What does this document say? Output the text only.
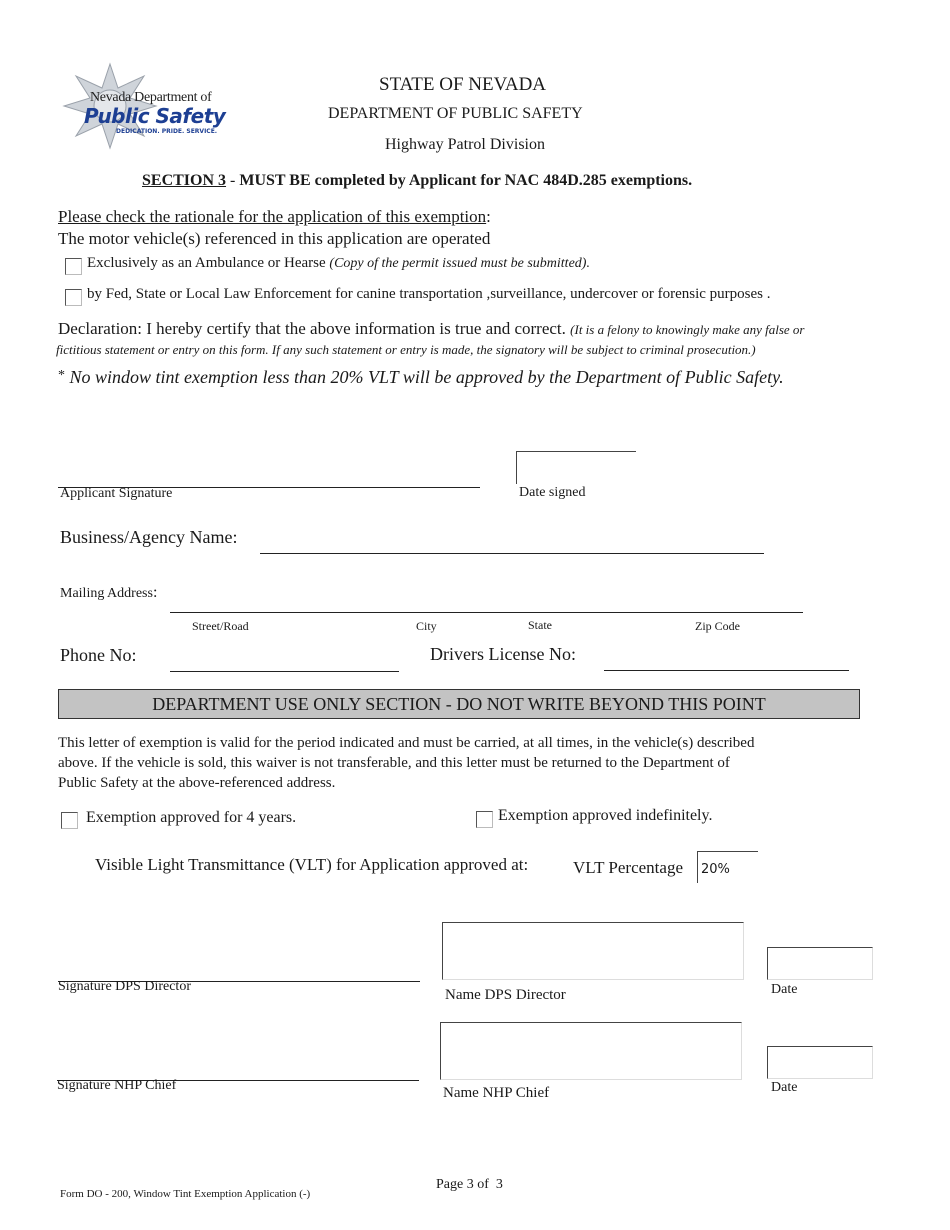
Nevada Department of
Public Safety
DEDICATION. PRIDE. SERVICE.
STATE OF NEVADA
DEPARTMENT OF PUBLIC SAFETY
Highway Patrol Division
SECTION 3 - MUST BE completed by Applicant for NAC 484D.285 exemptions.
Please check the rationale for the application of this exemption:
The motor vehicle(s) referenced in this application are operated
Exclusively as an Ambulance or Hearse (Copy of the permit issued must be submitted).
by Fed, State or Local Law Enforcement for canine transportation ,surveillance, undercover or forensic purposes .
Declaration: I hereby certify that the above information is true and correct. (It is a felony to knowingly make any false or
fictitious statement or entry on this form. If any such statement or entry is made, the signatory will be subject to criminal prosecution.)
* No window tint exemption less than 20% VLT will be approved by the Department of Public Safety.
Applicant Signature	Date signed
Business/Agency Name:
Mailing Address:
Street/Road	City	State	Zip Code
Phone No:	Drivers License No:
DEPARTMENT USE ONLY SECTION - DO NOT WRITE BEYOND THIS POINT
This letter of exemption is valid for the period indicated and must be carried, at all times, in the vehicle(s) described
above. If the vehicle is sold, this waiver is not transferable, and this letter must be returned to the Department of
Public Safety at the above-referenced address.
Exemption approved for 4 years.	Exemption approved indefinitely.
Visible Light Transmittance (VLT) for Application approved at:	VLT Percentage	20%
Signature DPS Director
Name DPS Director	Date
Signature NHP Chief	Name NHP Chief	Date
Page 3 of  3
Form DO - 200, Window Tint Exemption Application (-)
